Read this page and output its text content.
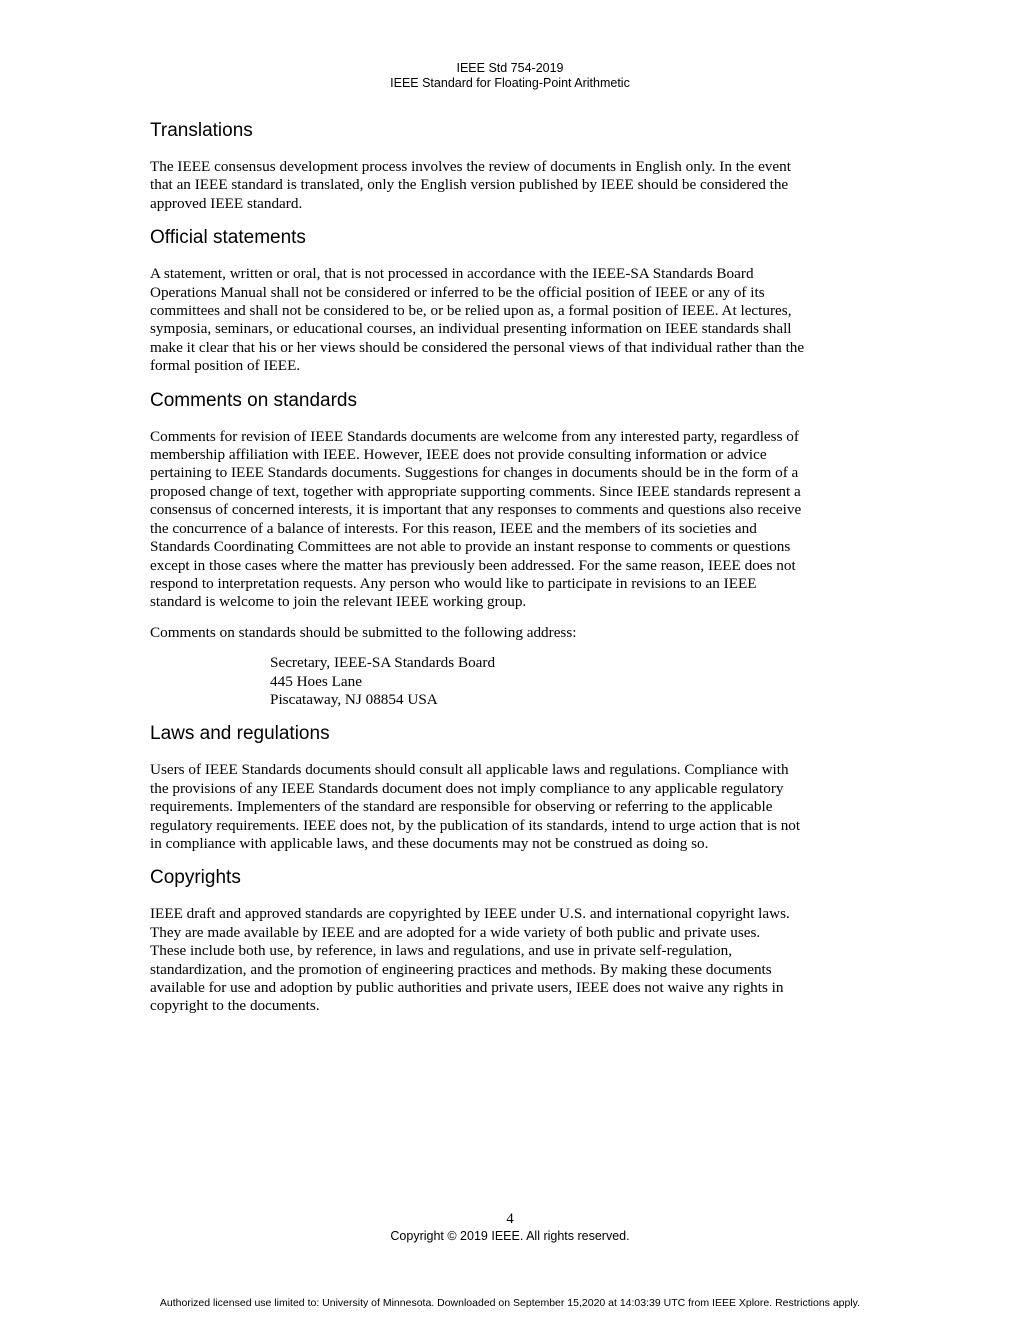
IEEE Std 754-2019
IEEE Standard for Floating-Point Arithmetic
Translations

The IEEE consensus development process involves the review of documents in English only. In the event
that an IEEE standard is translated, only the English version published by IEEE should be considered the
approved IEEE standard.

Official statements

A statement, written or oral, that is not processed in accordance with the IEEE-SA Standards Board
Operations Manual shall not be considered or inferred to be the official position of IEEE or any of its
committees and shall not be considered to be, or be relied upon as, a formal position of IEEE. At lectures,
symposia, seminars, or educational courses, an individual presenting information on IEEE standards shall
make it clear that his or her views should be considered the personal views of that individual rather than the
formal position of IEEE.

Comments on standards

Comments for revision of IEEE Standards documents are welcome from any interested party, regardless of
membership affiliation with IEEE. However, IEEE does not provide consulting information or advice
pertaining to IEEE Standards documents. Suggestions for changes in documents should be in the form of a
proposed change of text, together with appropriate supporting comments. Since IEEE standards represent a
consensus of concerned interests, it is important that any responses to comments and questions also receive
the concurrence of a balance of interests. For this reason, IEEE and the members of its societies and
Standards Coordinating Committees are not able to provide an instant response to comments or questions
except in those cases where the matter has previously been addressed. For the same reason, IEEE does not
respond to interpretation requests. Any person who would like to participate in revisions to an IEEE
standard is welcome to join the relevant IEEE working group.

Comments on standards should be submitted to the following address:

Secretary, IEEE-SA Standards Board
445 Hoes Lane
Piscataway, NJ 08854 USA
Laws and regulations

Users of IEEE Standards documents should consult all applicable laws and regulations. Compliance with
the provisions of any IEEE Standards document does not imply compliance to any applicable regulatory
requirements. Implementers of the standard are responsible for observing or referring to the applicable
regulatory requirements. IEEE does not, by the publication of its standards, intend to urge action that is not
in compliance with applicable laws, and these documents may not be construed as doing so.

Copyrights

IEEE draft and approved standards are copyrighted by IEEE under U.S. and international copyright laws.
They are made available by IEEE and are adopted for a wide variety of both public and private uses.
These include both use, by reference, in laws and regulations, and use in private self-regulation,
standardization, and the promotion of engineering practices and methods. By making these documents
available for use and adoption by public authorities and private users, IEEE does not waive any rights in
copyright to the documents.

4
Copyright © 2019 IEEE. All rights reserved.
Authorized licensed use limited to: University of Minnesota. Downloaded on September 15,2020 at 14:03:39 UTC from IEEE Xplore. Restrictions apply.
